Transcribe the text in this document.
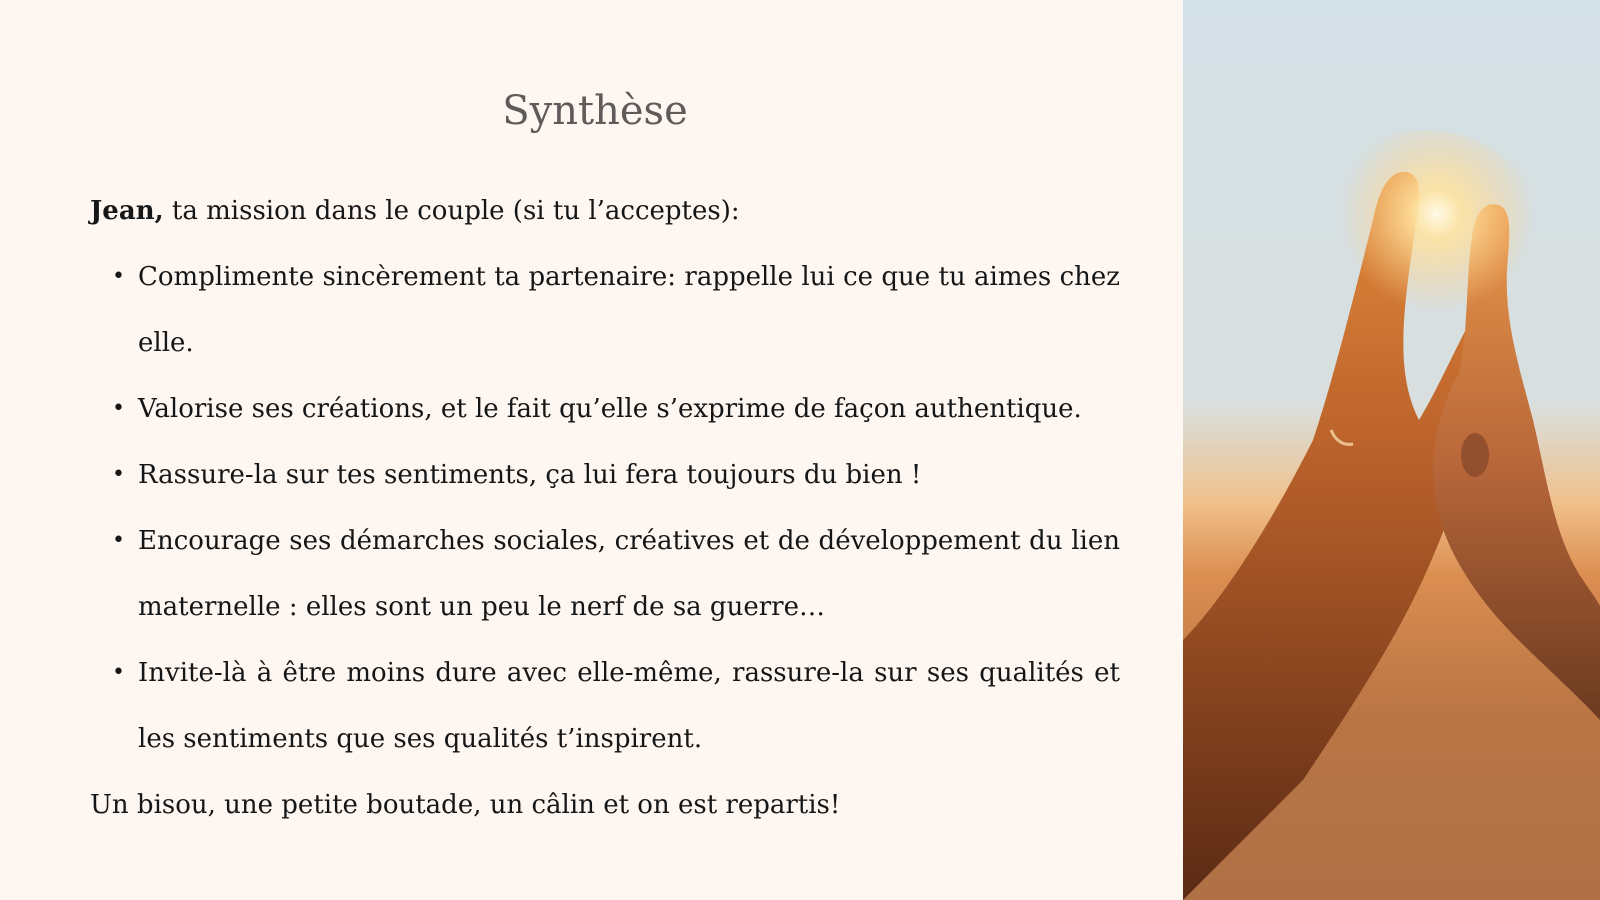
Synthèse

Jean, ta mission dans le couple (si tu l’acceptes):

• Complimente sincèrement ta partenaire: rappelle lui ce que tu aimes chez elle.
• Valorise ses créations, et le fait qu’elle s’exprime de façon authentique.
• Rassure-la sur tes sentiments, ça lui fera toujours du bien !
• Encourage ses démarches sociales, créatives et de développement du lien maternelle : elles sont un peu le nerf de sa guerre…
• Invite-là à être moins dure avec elle-même, rassure-la sur ses qualités et les sentiments que ses qualités t’inspirent.

Un bisou, une petite boutade, un câlin et on est repartis!
